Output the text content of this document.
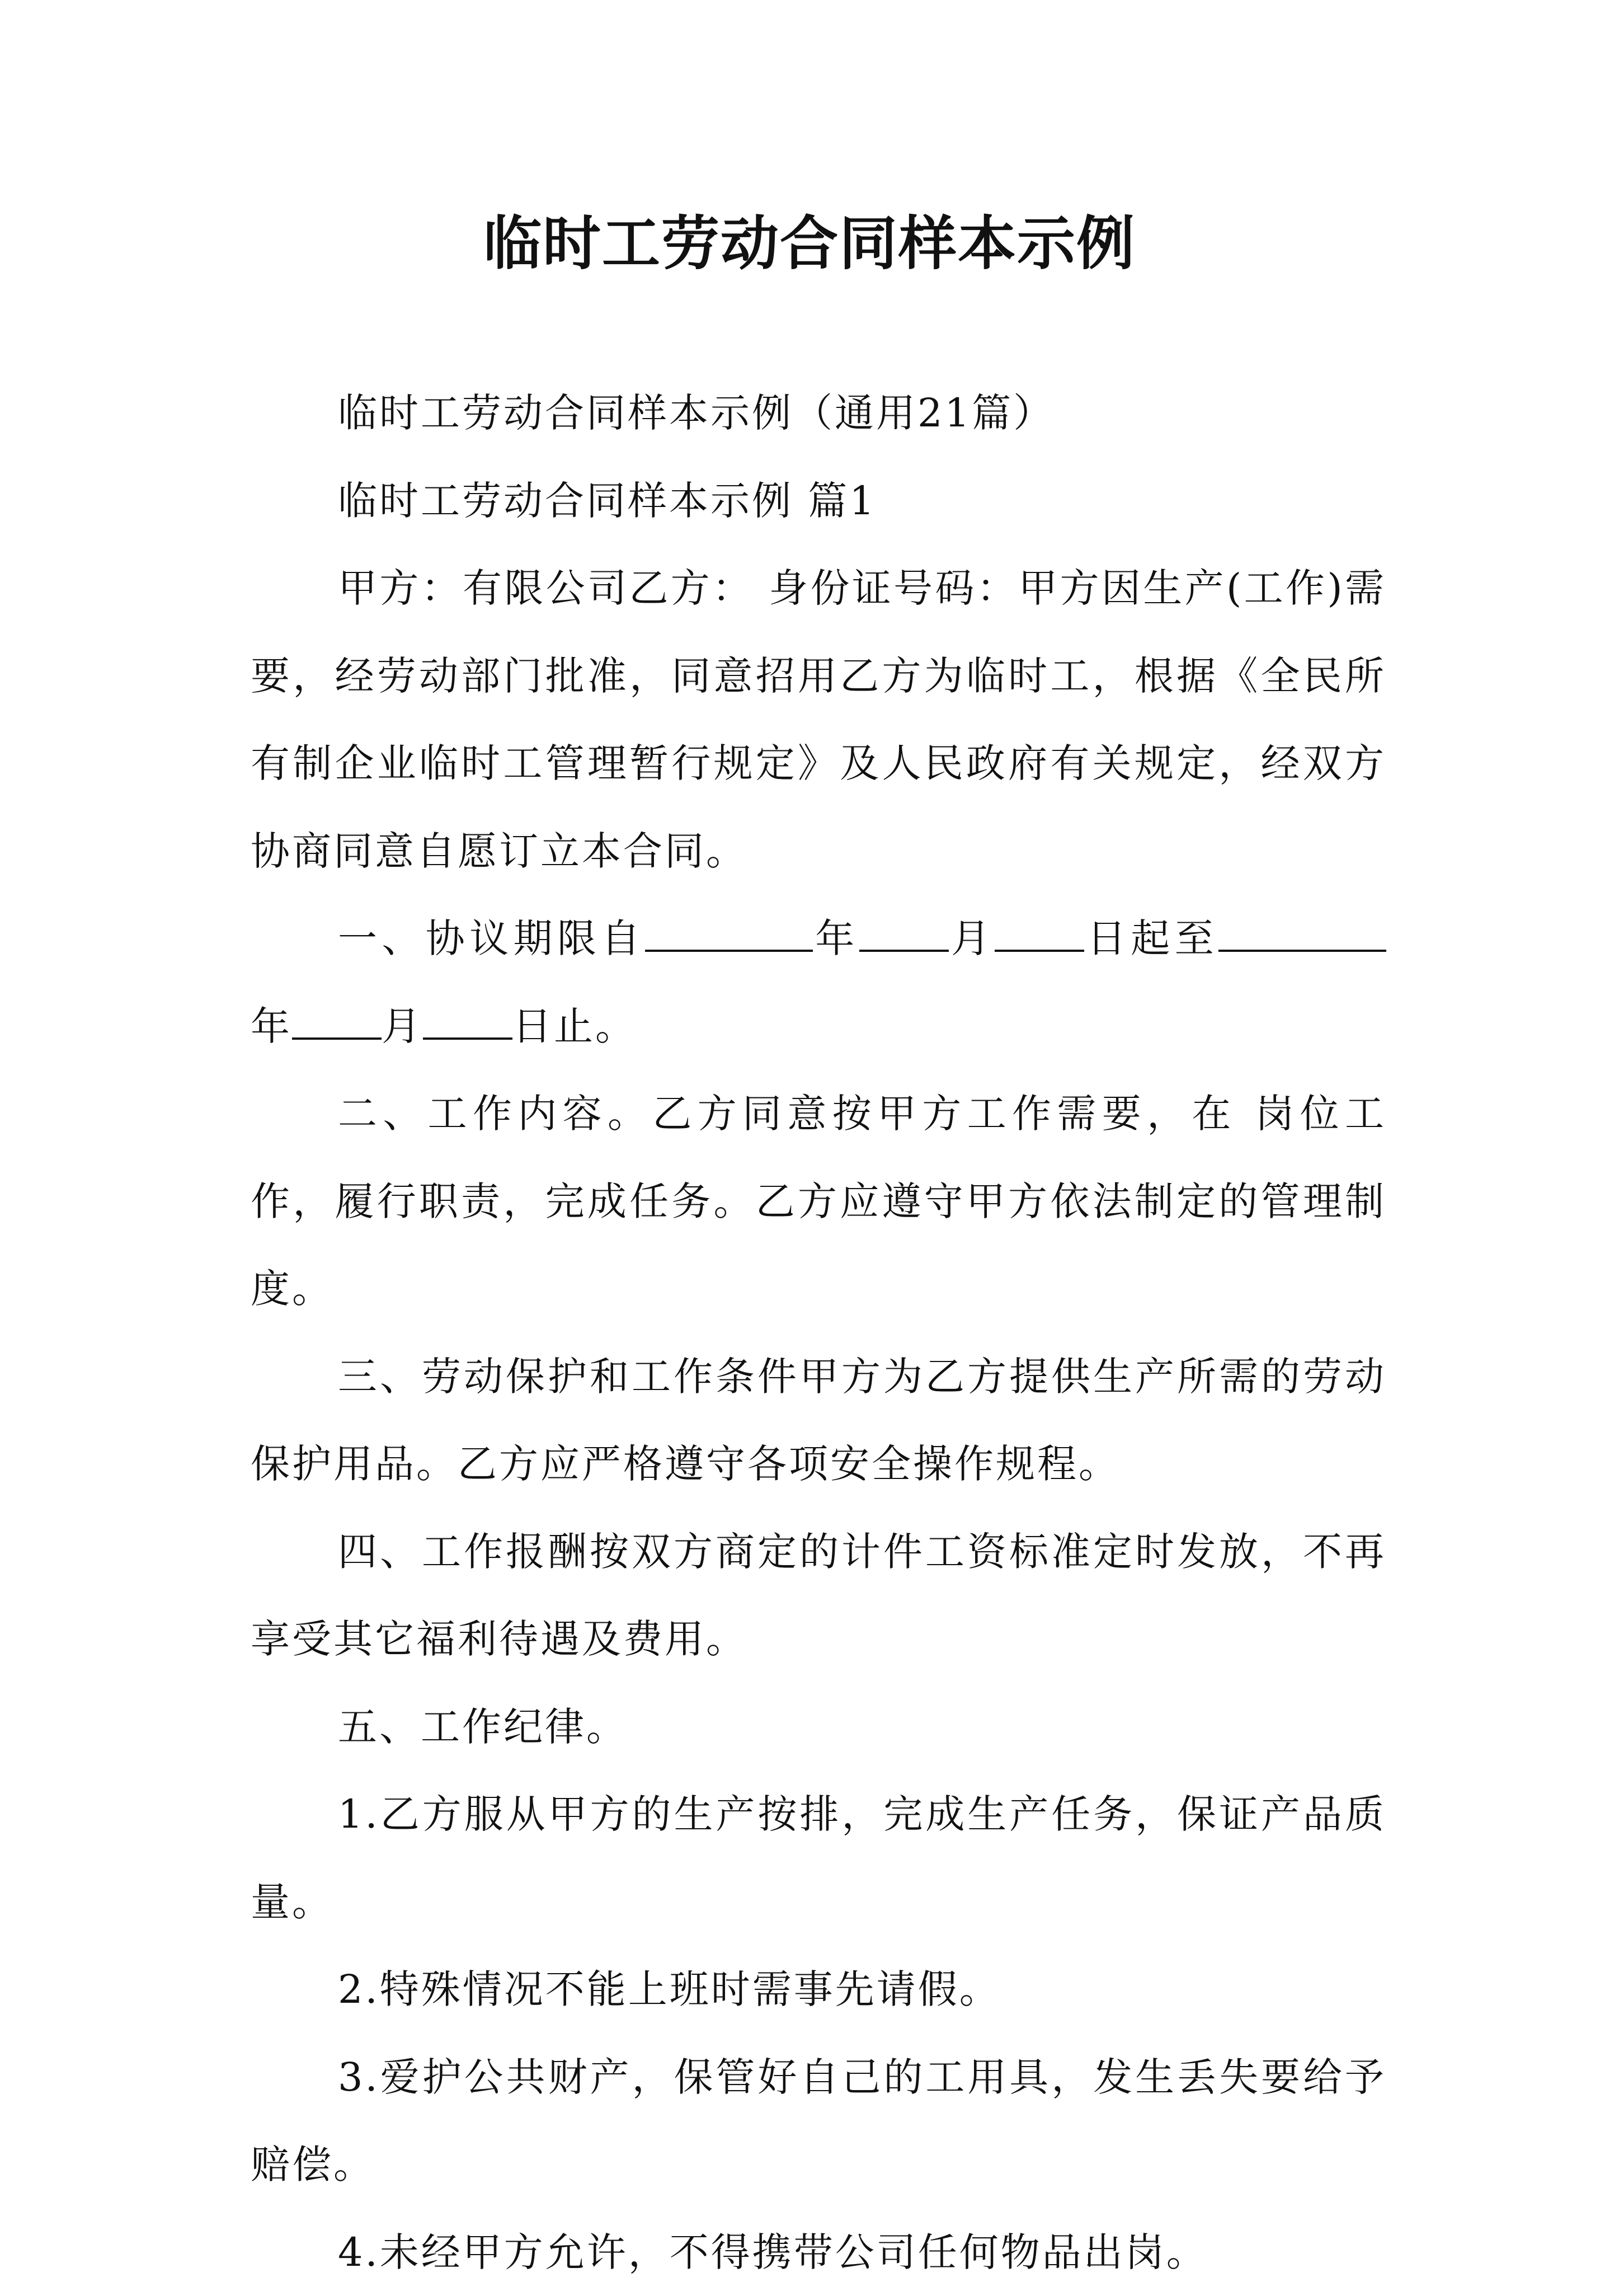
临时工劳动合同样本示例

临时工劳动合同样本示例（通用21篇）

临时工劳动合同样本示例 篇1

甲方：有限公司乙方： 身份证号码：甲方因生产(工作)需要，经劳动部门批准，同意招用乙方为临时工，根据《全民所有制企业临时工管理暂行规定》及人民政府有关规定，经双方协商同意自愿订立本合同。

一、协议期限自	年 月 日起至年 月 日止。

二、工作内容。乙方同意按甲方工作需要，在 岗位工作，履行职责，完成任务。乙方应遵守甲方依法制定的管理制度。

三、劳动保护和工作条件甲方为乙方提供生产所需的劳动保护用品。乙方应严格遵守各项安全操作规程。

四、工作报酬按双方商定的计件工资标准定时发放，不再享受其它福利待遇及费用。

五、工作纪律。

1.乙方服从甲方的生产按排，完成生产任务，保证产品质量。

2.特殊情况不能上班时需事先请假。

3.爱护公共财产，保管好自己的工用具，发生丢失要给予赔偿。

4.未经甲方允许，不得携带公司任何物品出岗。
